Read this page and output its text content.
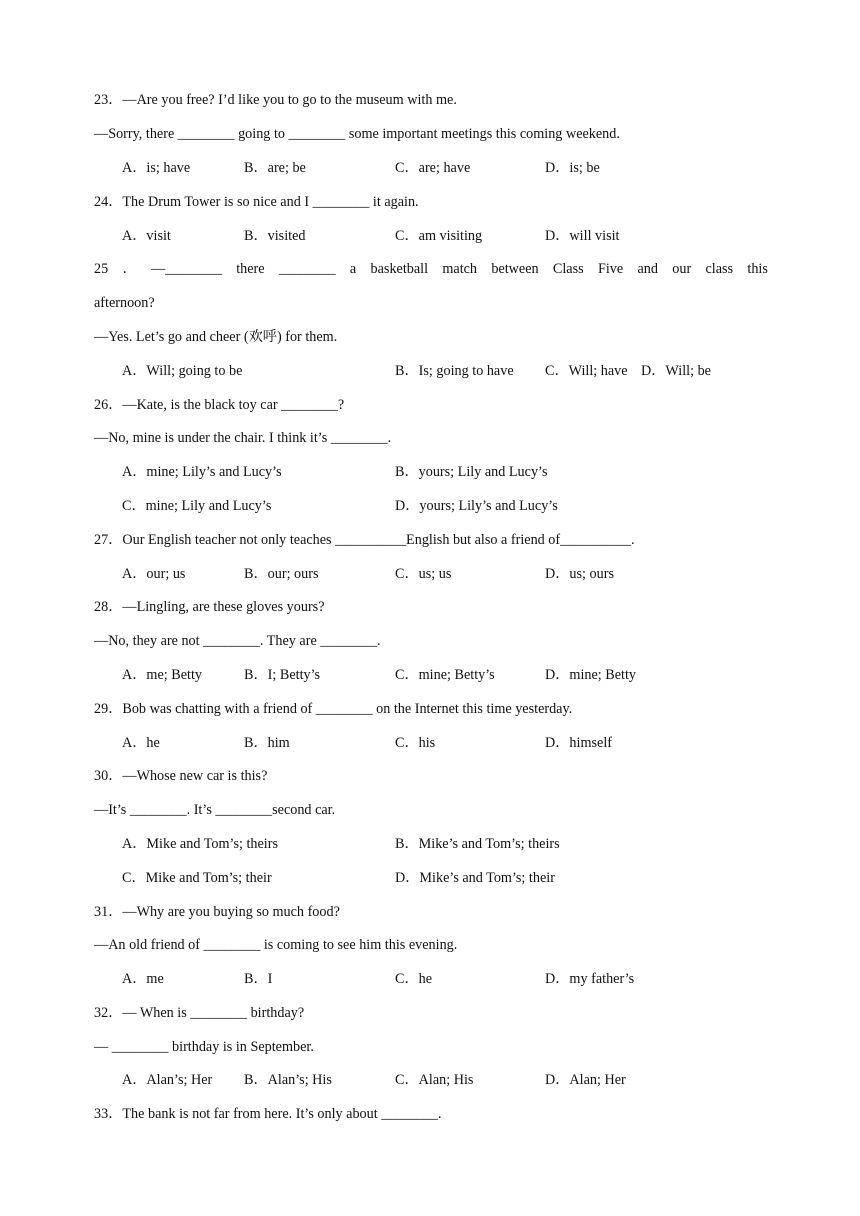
23．—Are you free? I’d like you to go to the museum with me.
—Sorry, there ________ going to ________ some important meetings this coming weekend.
A．is; have	B．are; be	C．are; have	D．is; be
24．The Drum Tower is so nice and I ________ it again.
A．visit	B．visited	C．am visiting	D．will visit
25 ． —________ there ________ a basketball match between Class Five and our class this
afternoon?
—Yes. Let’s go and cheer (欢呼) for them.
A．Will; going to be	B．Is; going to have C．Will; have D．Will; be
26．—Kate, is the black toy car ________?
—No, mine is under the chair. I think it’s ________.
A．mine; Lily’s and Lucy’s	B．yours; Lily and Lucy’s
C．mine; Lily and Lucy’s	D．yours; Lily’s and Lucy’s
27．Our English teacher not only teaches __________English but also a friend of__________.
A．our; us	B．our; ours	C．us; us	D．us; ours
28．—Lingling, are these gloves yours?
—No, they are not ________. They are ________.
A．me; Betty	B．I; Betty’s	C．mine; Betty’s	D．mine; Betty
29．Bob was chatting with a friend of ________ on the Internet this time yesterday.
A．he	B．him	C．his	D．himself
30．—Whose new car is this?
—It’s ________. It’s ________second car.
A．Mike and Tom’s; theirs	B．Mike’s and Tom’s; theirs
C．Mike and Tom’s; their	D．Mike’s and Tom’s; their
31．—Why are you buying so much food?
—An old friend of ________ is coming to see him this evening.
A．me	B．I	C．he	D．my father’s
32．— When is ________ birthday?
— ________ birthday is in September.
A．Alan’s; Her B．Alan’s; His	C．Alan; His	D．Alan; Her
33．The bank is not far from here. It’s only about ________.
